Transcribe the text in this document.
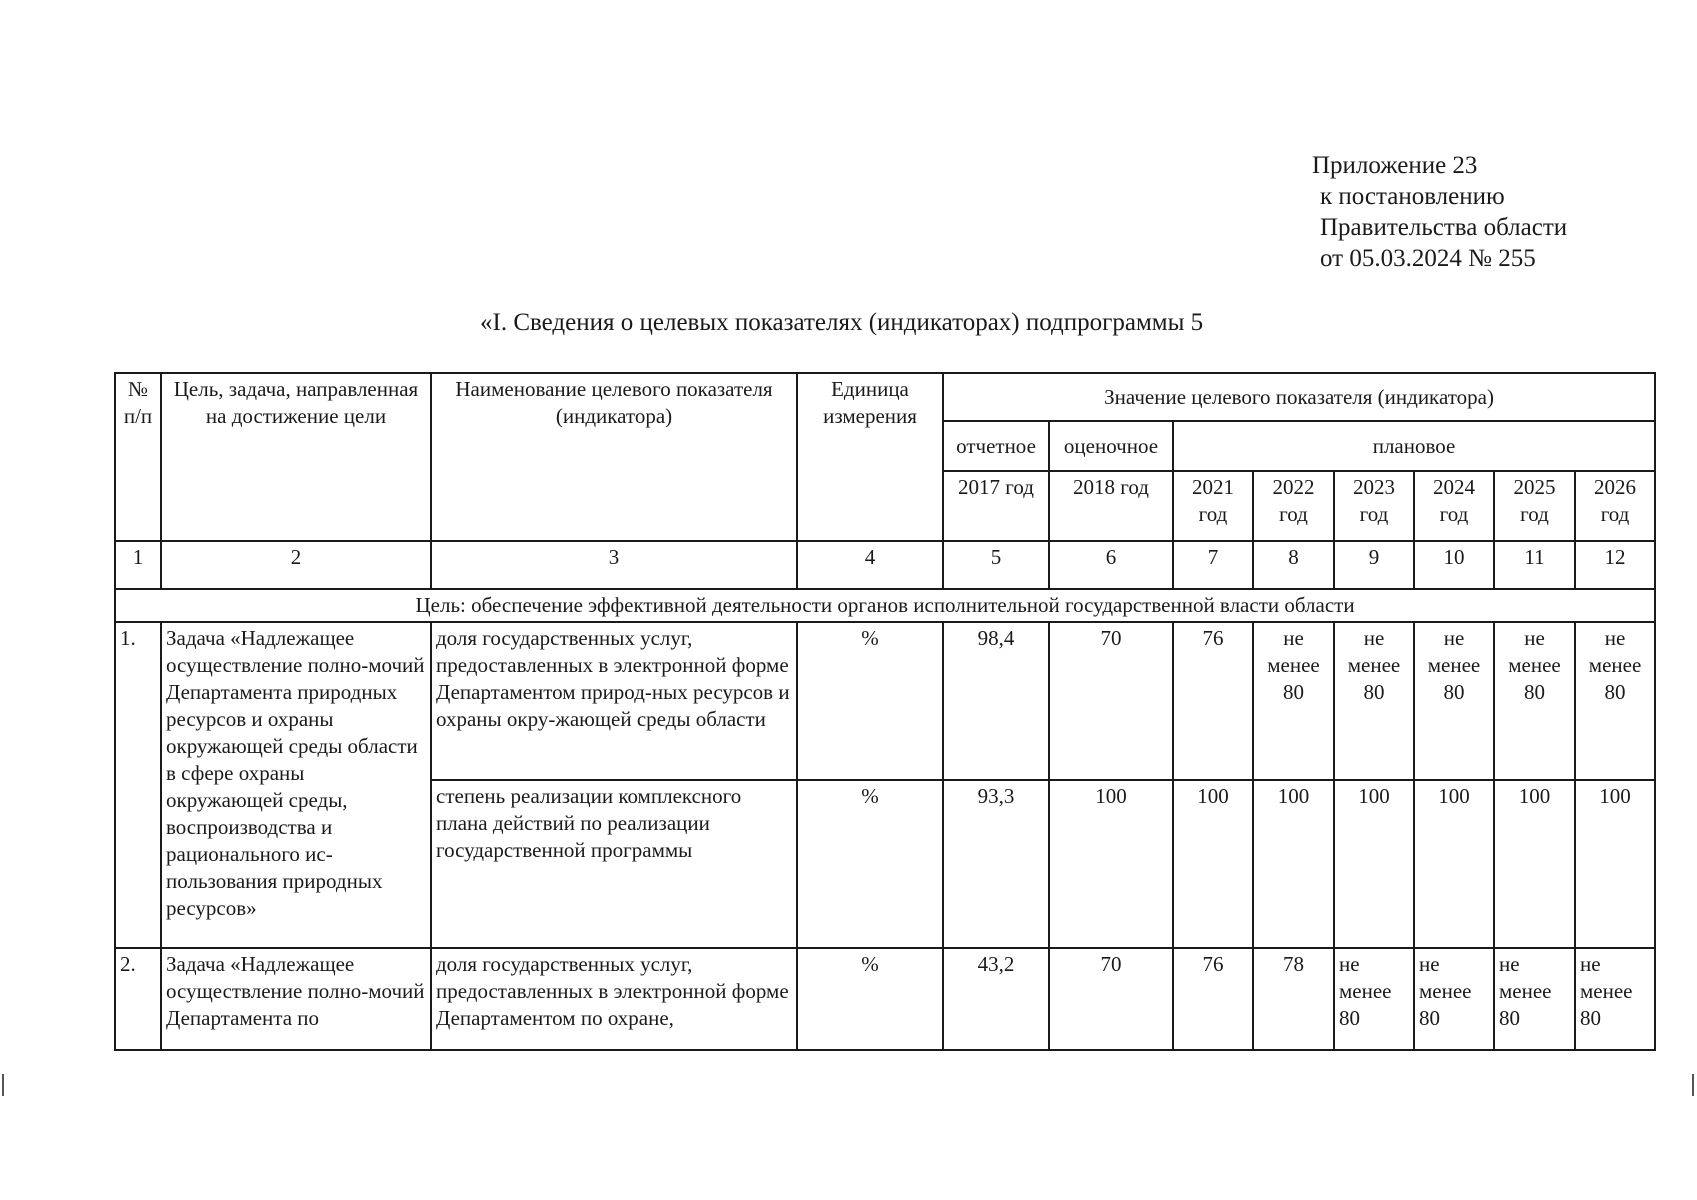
Приложение 23
к постановлению
Правительства области
от 05.03.2024 № 255
«I. Сведения о целевых показателях (индикаторах) подпрограммы 5
№ п/п	Цель, задача, направленная на достижение цели	Наименование целевого показателя (индикатора)	Единица измерения	Значение целевого показателя (индикатора)							
				отчетное	оценочное	плановое					
				2017 год	2018 год	2021 год	2022 год	2023 год	2024 год	2025 год	2026 год
1	2	3	4	5	6	7	8	9	10	11	12
Цель: обеспечение эффективной деятельности органов исполнительной государственной власти области											
1.	Задача «Надлежащее осуществление полно-мочий Департамента природных ресурсов и охраны окружающей среды области в сфере охраны окружающей среды, воспроизводства и рационального ис-пользования природных ресурсов»	доля государственных услуг, предоставленных в электронной форме Департаментом природ-ных ресурсов и охраны окру-жающей среды области	%	98,4	70	76	не менее 80	не менее 80	не менее 80	не менее 80	не менее 80
		степень реализации комплексного плана действий по реализации государственной программы	%	93,3	100	100	100	100	100	100	100
2.	Задача «Надлежащее осуществление полно-мочий Департамента по	доля государственных услуг, предоставленных в электронной форме Департаментом по охране,	%	43,2	70	76	78	не менее 80	не менее 80	не менее 80	не менее 80
